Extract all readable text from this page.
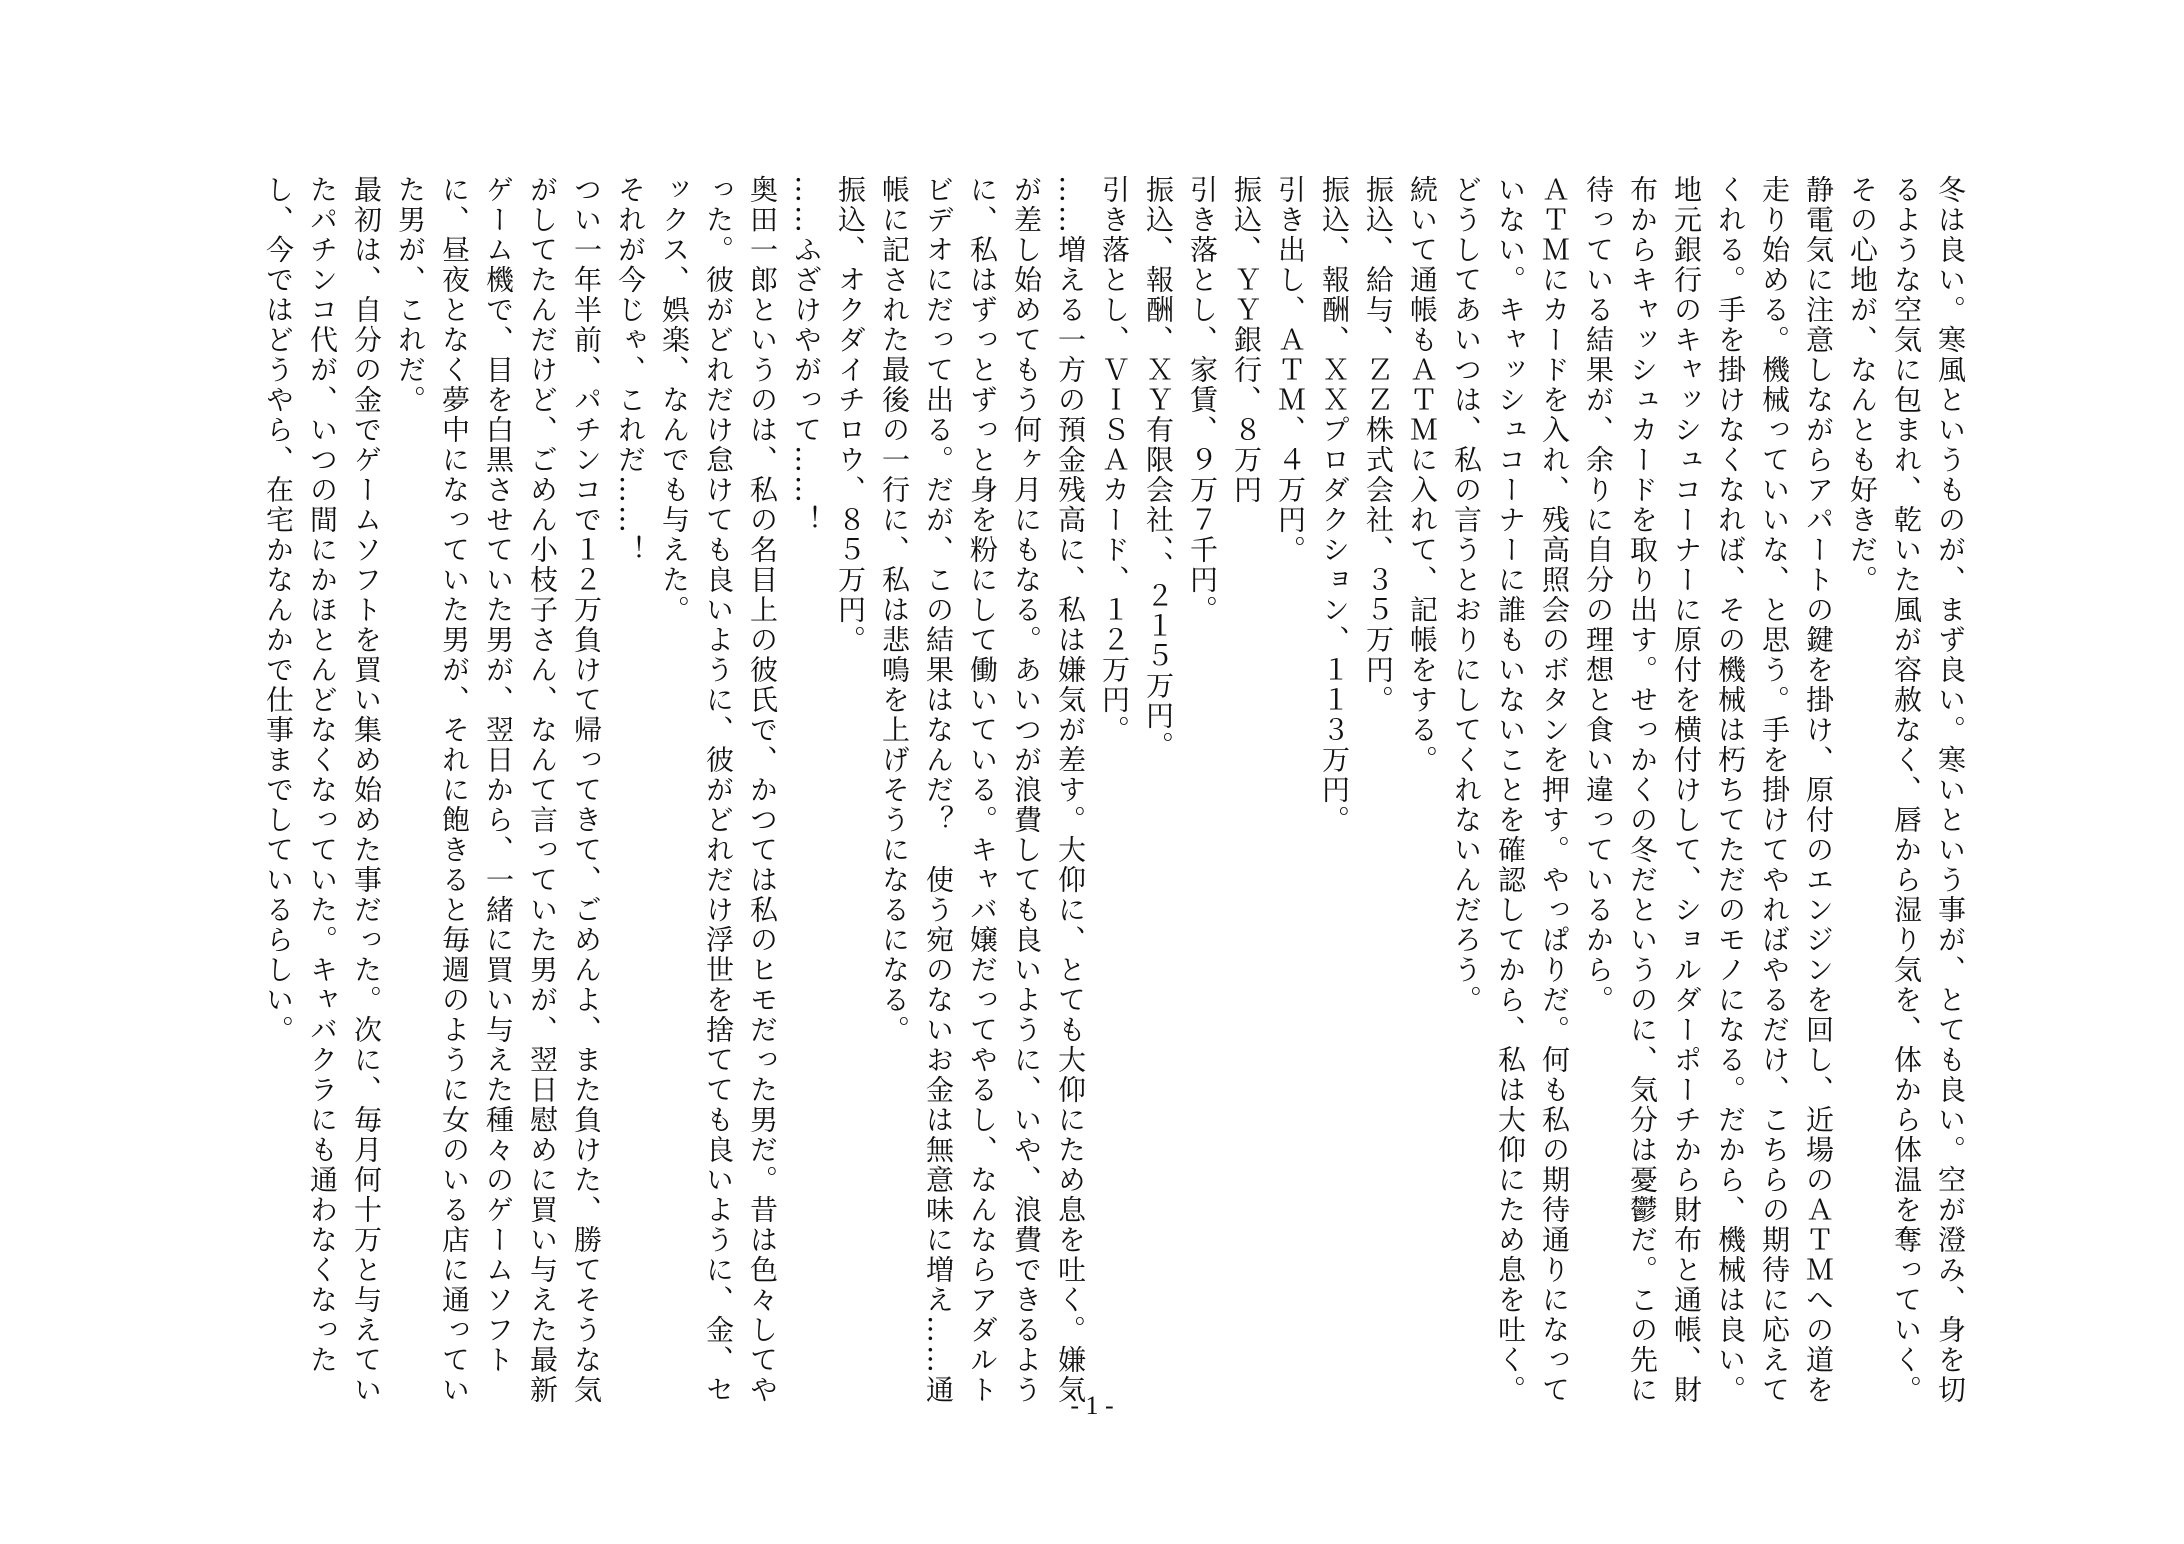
冬は良い。寒風というものが、まず良い。寒いという事が、とても良い。空が澄み、身を切るような空気に包まれ、乾いた風が容赦なく、唇から湿り気を、体から体温を奪っていく。その心地が、なんとも好きだ。

静電気に注意しながらアパートの鍵を掛け、原付のエンジンを回し、近場のＡＴＭへの道を走り始める。機械っていいな、と思う。手を掛けてやればやるだけ、こちらの期待に応えてくれる。手を掛けなくなれば、その機械は朽ちてただのモノになる。だから、機械は良い。

地元銀行のキャッシュコーナーに原付を横付けして、ショルダーポーチから財布と通帳、財布からキャッシュカードを取り出す。せっかくの冬だというのに、気分は憂鬱だ。この先に待っている結果が、余りに自分の理想と食い違っているから。

ＡＴＭにカードを入れ、残高照会のボタンを押す。やっぱりだ。何も私の期待通りになっていない。キャッシュコーナーに誰もいないことを確認してから、私は大仰にため息を吐く。どうしてあいつは、私の言うとおりにしてくれないんだろう。

続いて通帳もＡＴＭに入れて、記帳をする。

振込、給与、ＺＺ株式会社、３５万円。

振込、報酬、ＸＸプロダクション、１１３万円。

引き出し、ＡＴＭ、４万円。

振込、ＹＹ銀行、８万円

引き落とし、家賃、９万７千円。

振込、報酬、ＸＹ有限会社、、２１５万円。

引き落とし、ＶＩＳＡカード、１２万円。

……増える一方の預金残高に、私は嫌気が差す。大仰に、とても大仰にため息を吐く。嫌気が差し始めてもう何ヶ月にもなる。あいつが浪費しても良いように、いや、浪費できるように、私はずっとずっと身を粉にして働いている。キャバ嬢だってやるし、なんならアダルトビデオにだって出る。だが、この結果はなんだ？　使う宛のないお金は無意味に増え……通帳に記された最後の一行に、私は悲鳴を上げそうになるになる。

振込、オクダイチロウ、８５万円。

……ふざけやがって……！

奥田一郎というのは、私の名目上の彼氏で、かつては私のヒモだった男だ。昔は色々してやった。彼がどれだけ怠けても良いように、彼がどれだけ浮世を捨てても良いように、金、セックス、娯楽、なんでも与えた。

それが今じゃ、これだ……！

つい一年半前、パチンコで１２万負けて帰ってきて、ごめんよ、また負けた、勝てそうな気がしてたんだけど、ごめん小枝子さん、なんて言っていた男が、翌日慰めに買い与えた最新ゲーム機で、目を白黒させていた男が、翌日から、一緒に買い与えた種々のゲームソフトに、昼夜となく夢中になっていた男が、それに飽きると毎週のように女のいる店に通っていた男が、これだ。

最初は、自分の金でゲームソフトを買い集め始めた事だった。次に、毎月何十万と与えていたパチンコ代が、いつの間にかほとんどなくなっていた。キャバクラにも通わなくなったし、今ではどうやら、在宅かなんかで仕事までしているらしい。

- 1 -
